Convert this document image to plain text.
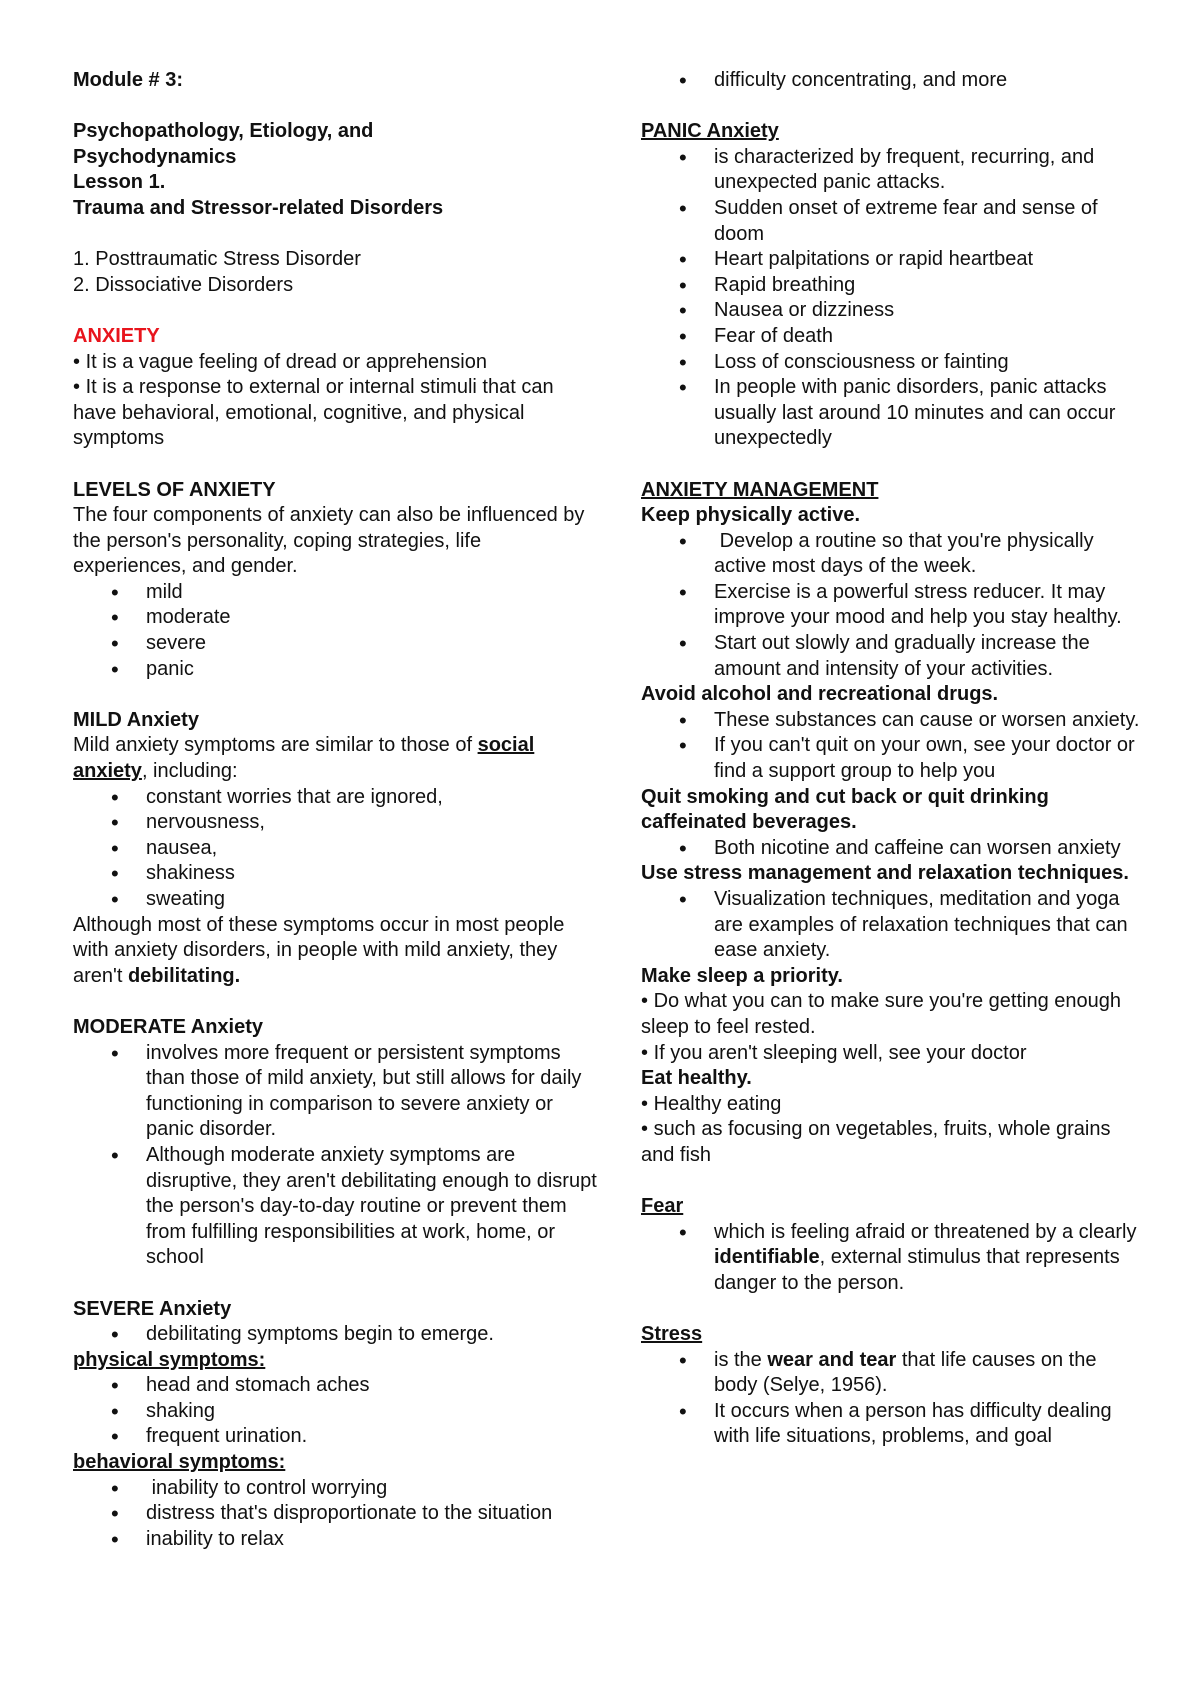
Module # 3:
Psychopathology, Etiology, and
Psychodynamics
Lesson 1.
Trauma and Stressor-related Disorders
1. Posttraumatic Stress Disorder
2. Dissociative Disorders
ANXIETY
• It is a vague feeling of dread or apprehension
• It is a response to external or internal stimuli that can have behavioral, emotional, cognitive, and physical symptoms
LEVELS OF ANXIETY
The four components of anxiety can also be influenced by the person's personality, coping strategies, life experiences, and gender.
• mild
• moderate
• severe
• panic
MILD Anxiety
Mild anxiety symptoms are similar to those of social anxiety, including:
• constant worries that are ignored,
• nervousness,
• nausea,
• shakiness
• sweating
Although most of these symptoms occur in most people with anxiety disorders, in people with mild anxiety, they aren't debilitating.
MODERATE Anxiety
• involves more frequent or persistent symptoms than those of mild anxiety, but still allows for daily functioning in comparison to severe anxiety or panic disorder.
• Although moderate anxiety symptoms are disruptive, they aren't debilitating enough to disrupt the person's day-to-day routine or prevent them from fulfilling responsibilities at work, home, or school
SEVERE Anxiety
• debilitating symptoms begin to emerge.
physical symptoms:
• head and stomach aches
• shaking
• frequent urination.
behavioral symptoms:
•  inability to control worrying
• distress that's disproportionate to the situation
• inability to relax
• difficulty concentrating, and more
PANIC Anxiety
• is characterized by frequent, recurring, and unexpected panic attacks.
• Sudden onset of extreme fear and sense of doom
• Heart palpitations or rapid heartbeat
• Rapid breathing
• Nausea or dizziness
• Fear of death
• Loss of consciousness or fainting
• In people with panic disorders, panic attacks usually last around 10 minutes and can occur unexpectedly
ANXIETY MANAGEMENT
Keep physically active.
•  Develop a routine so that you're physically active most days of the week.
• Exercise is a powerful stress reducer. It may improve your mood and help you stay healthy.
• Start out slowly and gradually increase the amount and intensity of your activities.
Avoid alcohol and recreational drugs.
• These substances can cause or worsen anxiety.
• If you can't quit on your own, see your doctor or find a support group to help you
Quit smoking and cut back or quit drinking caffeinated beverages.
• Both nicotine and caffeine can worsen anxiety
Use stress management and relaxation techniques.
• Visualization techniques, meditation and yoga are examples of relaxation techniques that can ease anxiety.
Make sleep a priority.
• Do what you can to make sure you're getting enough sleep to feel rested.
• If you aren't sleeping well, see your doctor
Eat healthy.
• Healthy eating
• such as focusing on vegetables, fruits, whole grains and fish
Fear
• which is feeling afraid or threatened by a clearly identifiable, external stimulus that represents danger to the person.
Stress
• is the wear and tear that life causes on the body (Selye, 1956).
• It occurs when a person has difficulty dealing with life situations, problems, and goal
